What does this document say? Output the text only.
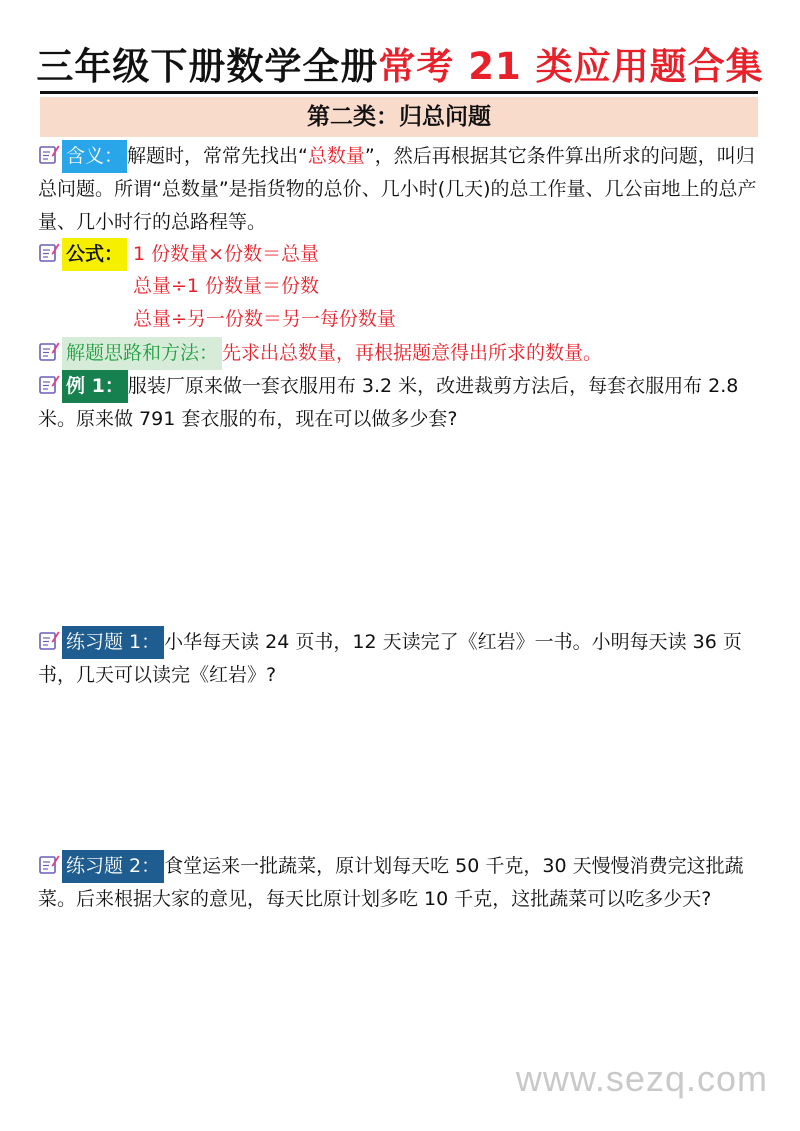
三年级下册数学全册常考 21 类应用题合集
第二类：归总问题
含义： 解题时，常常先找出“总数量”，然后再根据其它条件算出所求的问题，叫归总问题。所谓“总数量”是指货物的总价、几小时(几天)的总工作量、几公亩地上的总产量、几小时行的总路程等。
公式： 1 份数量×份数＝总量
总量÷1 份数量＝份数
总量÷另一份数＝另一每份数量
解题思路和方法： 先求出总数量，再根据题意得出所求的数量。
例 1： 服装厂原来做一套衣服用布 3.2 米，改进裁剪方法后，每套衣服用布 2.8 米。原来做 791 套衣服的布，现在可以做多少套?
练习题 1： 小华每天读 24 页书，12 天读完了《红岩》一书。小明每天读 36 页书，几天可以读完《红岩》?
练习题 2： 食堂运来一批蔬菜，原计划每天吃 50 千克，30 天慢慢消费完这批蔬菜。后来根据大家的意见，每天比原计划多吃 10 千克，这批蔬菜可以吃多少天?
www.sezq.com
